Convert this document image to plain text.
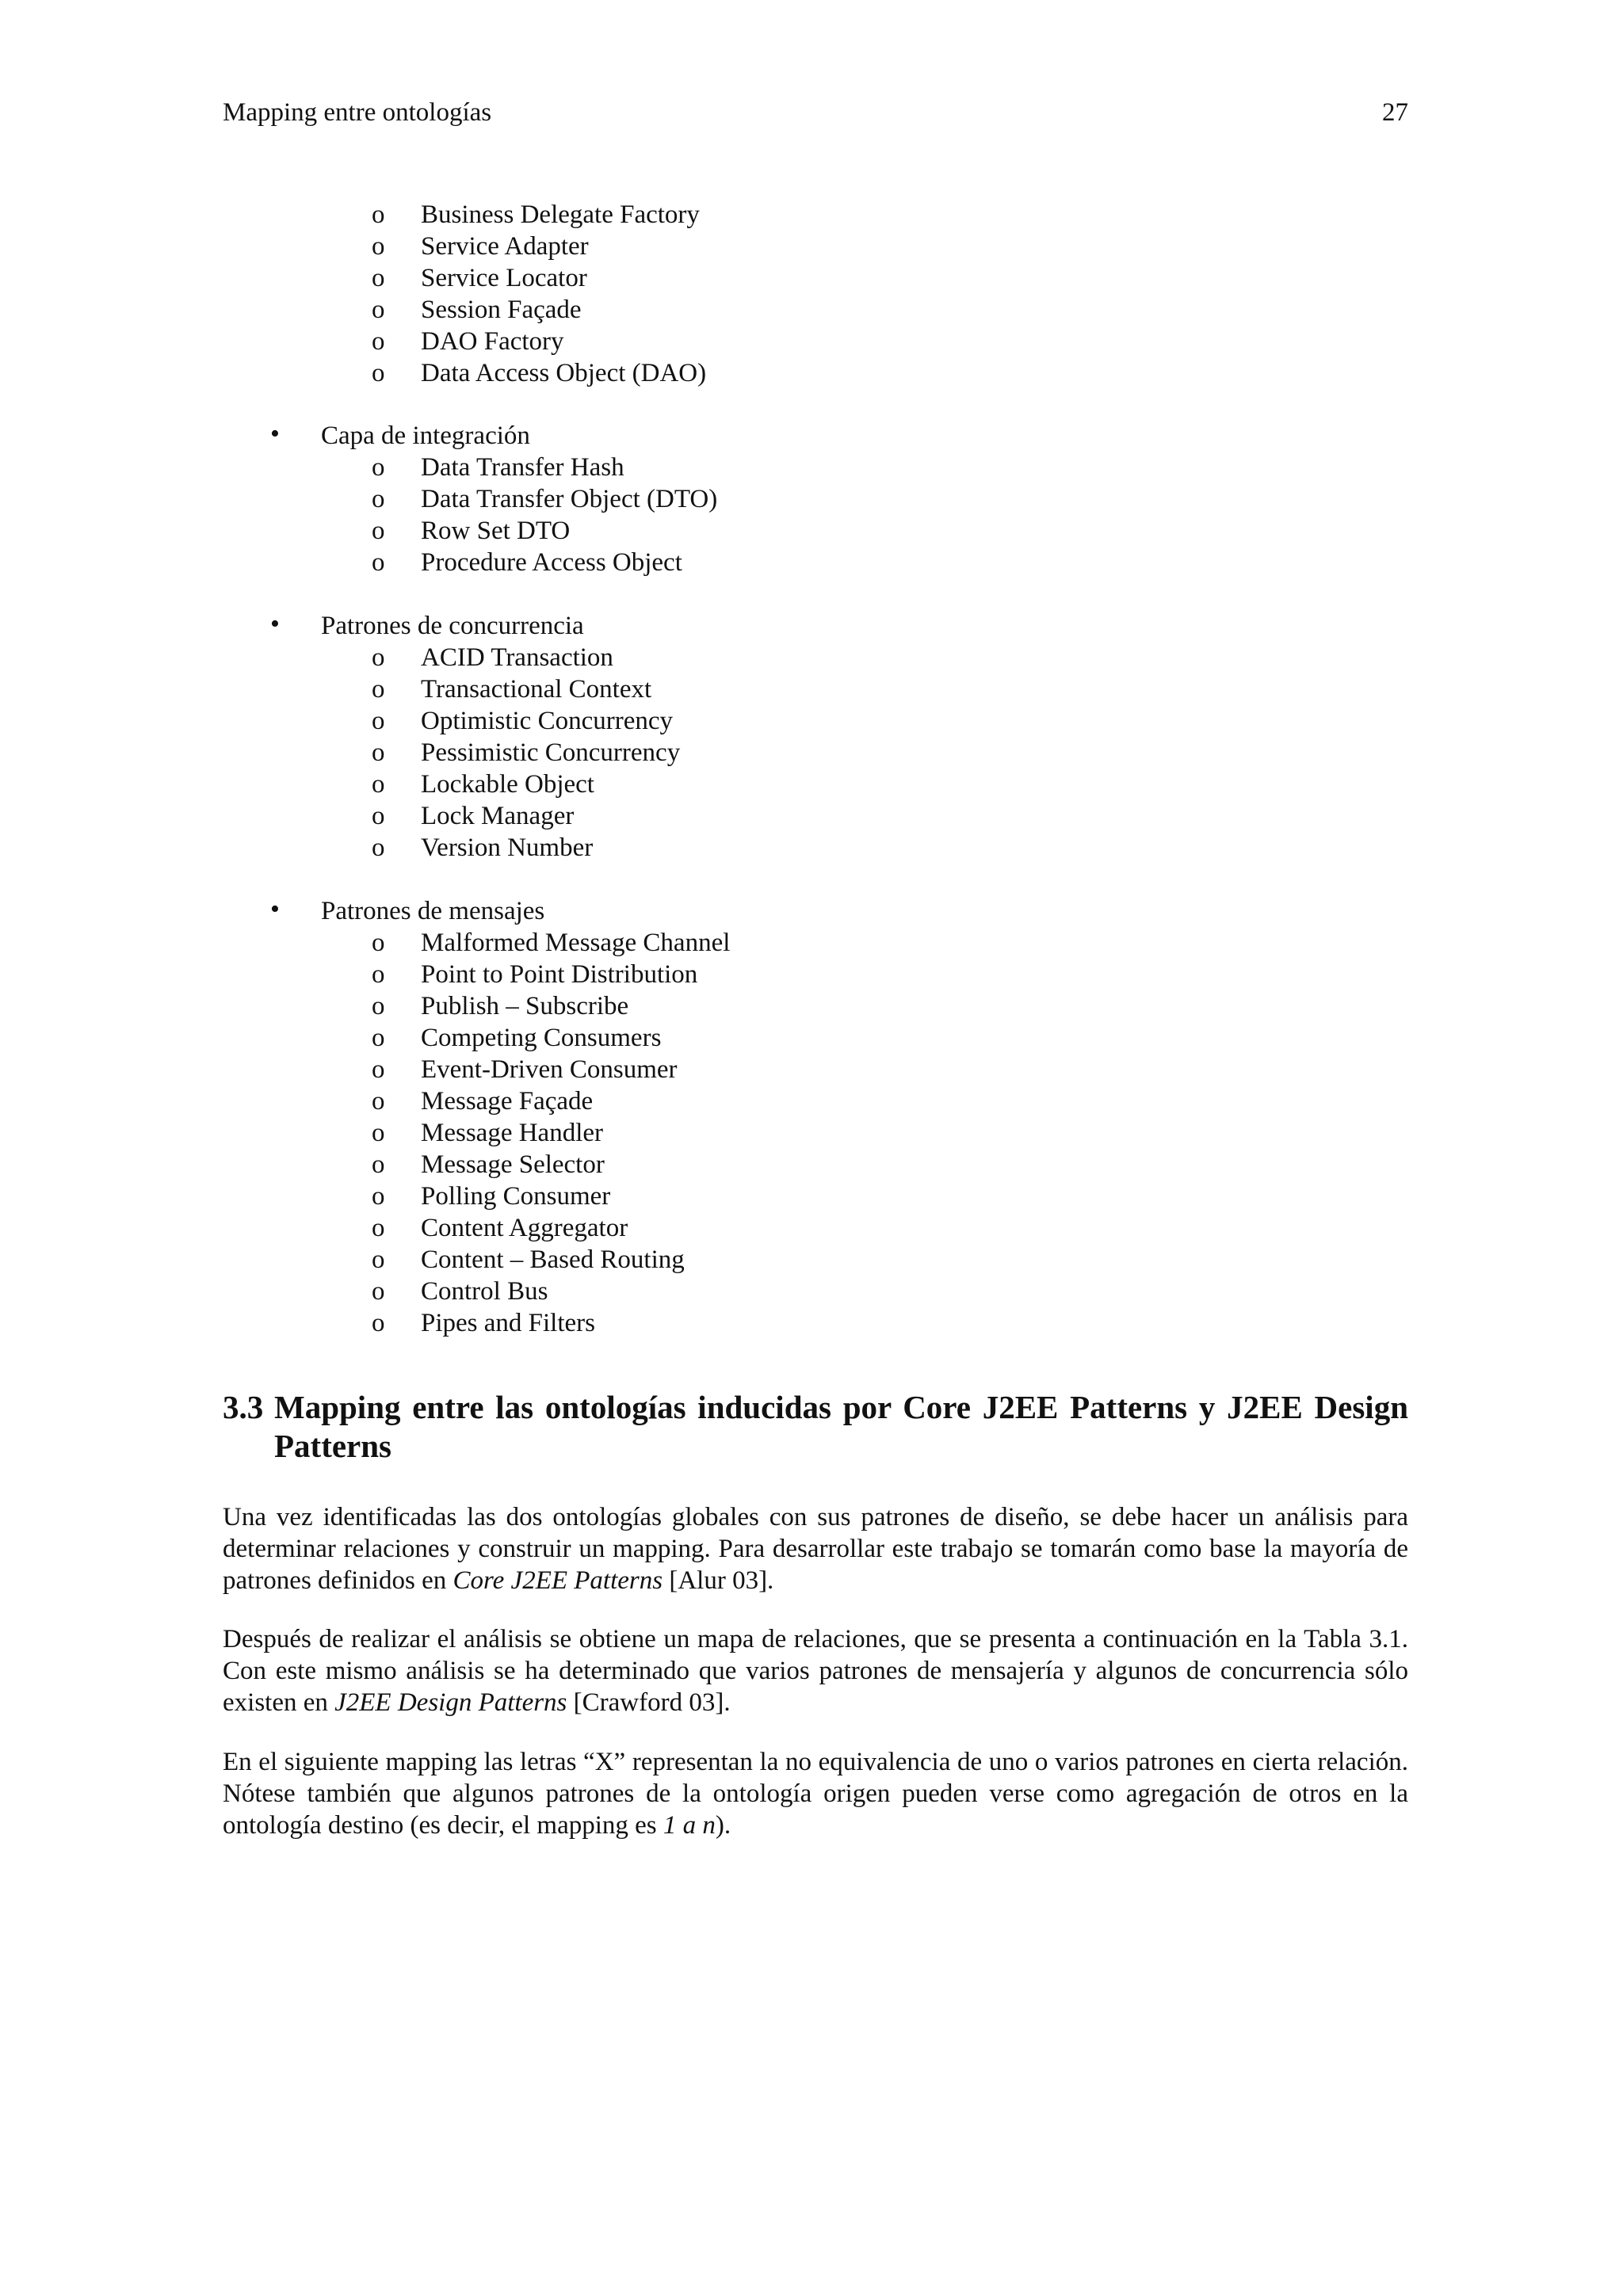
Mapping entre ontologías	27
o Business Delegate Factory
o Service Adapter
o Service Locator
o Session Façade
o DAO Factory
o Data Access Object (DAO)
• Capa de integración
o Data Transfer Hash
o Data Transfer Object (DTO)
o Row Set DTO
o Procedure Access Object
• Patrones de concurrencia
o ACID Transaction
o Transactional Context
o Optimistic Concurrency
o Pessimistic Concurrency
o Lockable Object
o Lock Manager
o Version Number
• Patrones de mensajes
o Malformed Message Channel
o Point to Point Distribution
o Publish – Subscribe
o Competing Consumers
o Event-Driven Consumer
o Message Façade
o Message Handler
o Message Selector
o Polling Consumer
o Content Aggregator
o Content – Based Routing
o Control Bus
o Pipes and Filters
3.3 Mapping entre las ontologías inducidas por Core J2EE Patterns y J2EE Design
Patterns
Una vez identificadas las dos ontologías globales con sus patrones de diseño, se debe hacer un análisis para determinar relaciones y construir un mapping. Para desarrollar este trabajo se tomarán como base la mayoría de patrones definidos en Core J2EE Patterns [Alur 03].
Después de realizar el análisis se obtiene un mapa de relaciones, que se presenta a continuación en la Tabla 3.1. Con este mismo análisis se ha determinado que varios patrones de mensajería y algunos de concurrencia sólo existen en J2EE Design Patterns [Crawford 03].
En el siguiente mapping las letras “X” representan la no equivalencia de uno o varios patrones en cierta relación. Nótese también que algunos patrones de la ontología origen pueden verse como agregación de otros en la ontología destino (es decir, el mapping es 1 a n).
